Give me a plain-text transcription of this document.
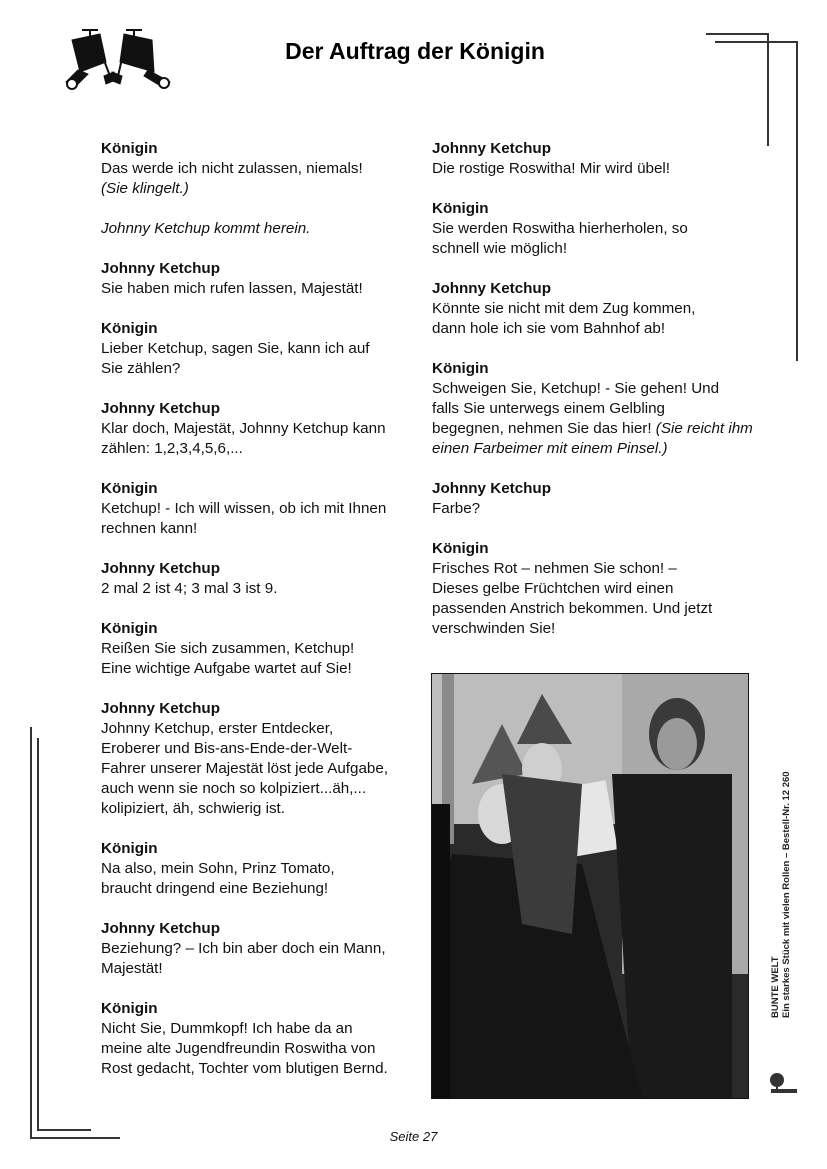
Der Auftrag der Königin
Königin
Das werde ich nicht zulassen, niemals!
(Sie klingelt.)
Johnny Ketchup kommt herein.
Johnny Ketchup
Sie haben mich rufen lassen, Majestät!
Königin
Lieber Ketchup, sagen Sie, kann ich auf
Sie zählen?
Johnny Ketchup
Klar doch, Majestät, Johnny Ketchup kann
zählen: 1,2,3,4,5,6,...
Königin
Ketchup! - Ich will wissen, ob ich mit Ihnen
rechnen kann!
Johnny Ketchup
2 mal 2 ist 4; 3 mal 3 ist 9.
Königin
Reißen Sie sich zusammen, Ketchup!
Eine wichtige Aufgabe wartet auf Sie!
Johnny Ketchup
Johnny Ketchup, erster Entdecker,
Eroberer und Bis-ans-Ende-der-Welt-
Fahrer unserer Majestät löst jede Aufgabe,
auch wenn sie noch so kolpiziert...äh,...
kolipiziert, äh, schwierig ist.
Königin
Na also, mein Sohn, Prinz Tomato,
braucht dringend eine Beziehung!
Johnny Ketchup
Beziehung? – Ich bin aber doch ein Mann,
Majestät!
Königin
Nicht Sie, Dummkopf! Ich habe da an
meine alte Jugendfreundin Roswitha von
Rost gedacht, Tochter vom blutigen Bernd.
Johnny Ketchup
Die rostige Roswitha! Mir wird übel!
Königin
Sie werden Roswitha hierherholen, so
schnell wie möglich!
Johnny Ketchup
Könnte sie nicht mit dem Zug kommen,
dann hole ich sie vom Bahnhof ab!
Königin
Schweigen Sie, Ketchup! - Sie gehen! Und
falls Sie unterwegs einem Gelbling
begegnen, nehmen Sie das hier! (Sie reicht ihm einen Farbeimer mit einem Pinsel.)
Johnny Ketchup
Farbe?
Königin
Frisches Rot – nehmen Sie schon! –
Dieses gelbe Früchtchen wird einen
passenden Anstrich bekommen. Und jetzt
verschwinden Sie!
BUNTE WELT Ein starkes Stück mit vielen Rollen – Bestell-Nr. 12 260
Seite 27
